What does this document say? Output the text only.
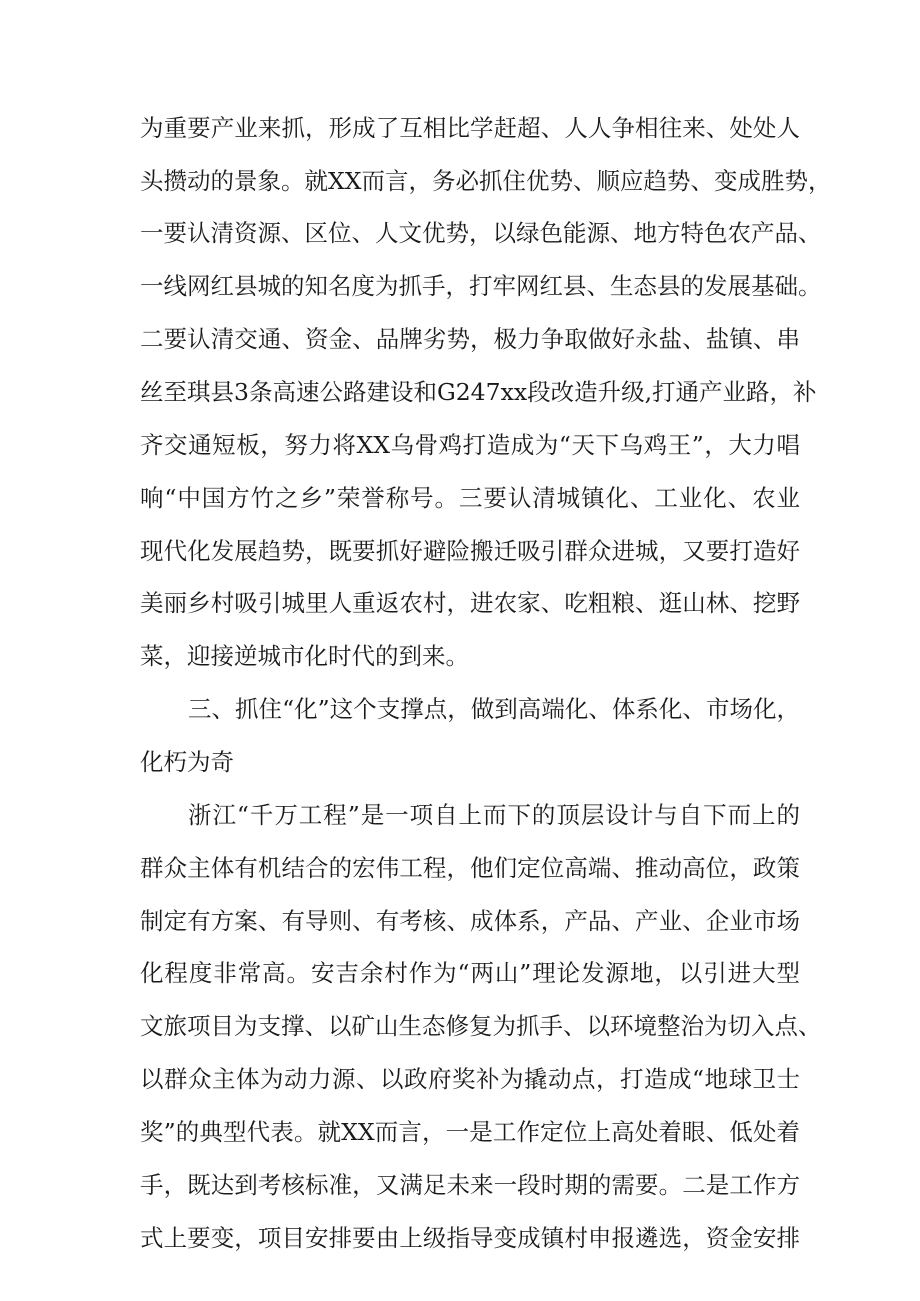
为重要产业来抓，形成了互相比学赶超、人人争相往来、处处人
头攒动的景象。就XX而言，务必抓住优势、顺应趋势、变成胜势，
一要认清资源、区位、人文优势，以绿色能源、地方特色农产品、
一线网红县城的知名度为抓手，打牢网红县、生态县的发展基础。
二要认清交通、资金、品牌劣势，极力争取做好永盐、盐镇、串
丝至琪县3条高速公路建设和G247xx段改造升级,打通产业路，补
齐交通短板，努力将XX乌骨鸡打造成为“天下乌鸡王”，大力唱
响“中国方竹之乡”荣誉称号。三要认清城镇化、工业化、农业
现代化发展趋势，既要抓好避险搬迁吸引群众进城，又要打造好
美丽乡村吸引城里人重返农村，进农家、吃粗粮、逛山林、挖野
菜，迎接逆城市化时代的到来。
三、抓住“化”这个支撑点，做到高端化、体系化、市场化，
化朽为奇
浙江“千万工程”是一项自上而下的顶层设计与自下而上的
群众主体有机结合的宏伟工程，他们定位高端、推动高位，政策
制定有方案、有导则、有考核、成体系，产品、产业、企业市场
化程度非常高。安吉余村作为“两山”理论发源地，以引进大型
文旅项目为支撑、以矿山生态修复为抓手、以环境整治为切入点、
以群众主体为动力源、以政府奖补为撬动点，打造成“地球卫士
奖”的典型代表。就XX而言，一是工作定位上高处着眼、低处着
手，既达到考核标准，又满足未来一段时期的需要。二是工作方
式上要变，项目安排要由上级指导变成镇村申报遴选，资金安排
